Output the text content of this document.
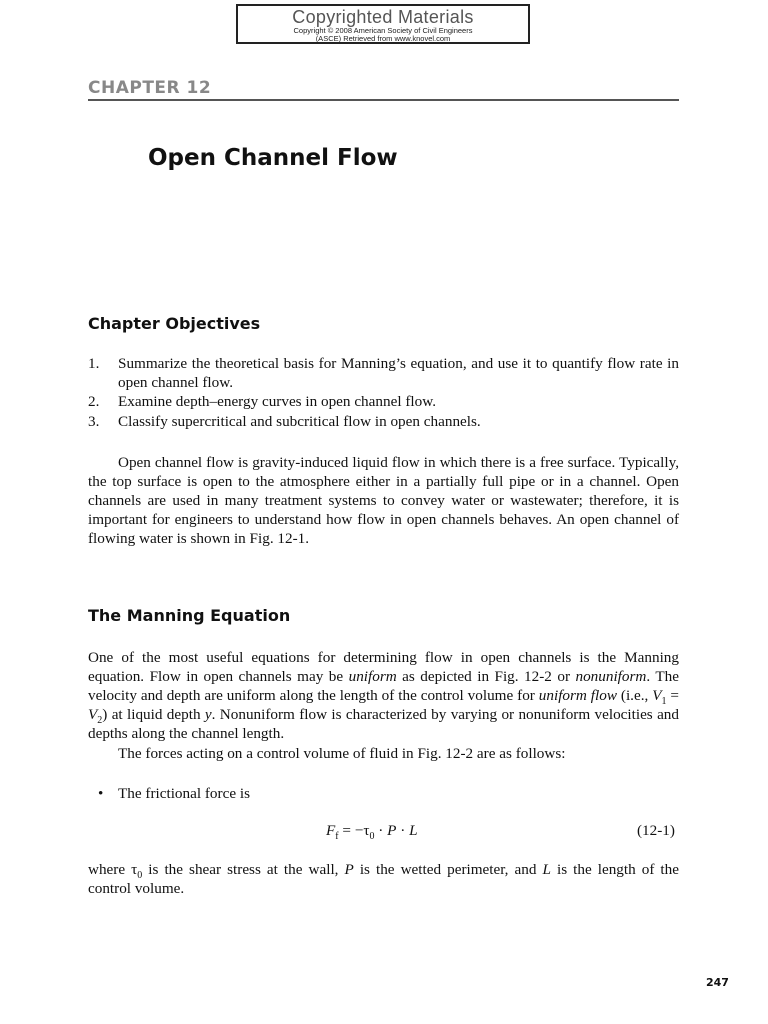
Copyrighted Materials
Copyright © 2008 American Society of Civil Engineers
(ASCE) Retrieved from www.knovel.com
CHAPTER 12
Open Channel Flow
Chapter Objectives
1. Summarize the theoretical basis for Manning’s equation, and use it to quantify flow rate in open channel flow.
2. Examine depth–energy curves in open channel flow.
3. Classify supercritical and subcritical flow in open channels.

Open channel flow is gravity-induced liquid flow in which there is a free surface. Typically, the top surface is open to the atmosphere either in a partially full pipe or in a channel. Open channels are used in many treatment systems to convey water or wastewater; therefore, it is important for engineers to understand how flow in open channels behaves. An open channel of flowing water is shown in Fig. 12-1.

The Manning Equation

One of the most useful equations for determining flow in open channels is the Manning equation. Flow in open channels may be uniform as depicted in Fig. 12-2 or nonuniform. The velocity and depth are uniform along the length of the control volume for uniform flow (i.e., $V_1 = V_2$) at liquid depth y. Nonuniform flow is characterized by varying or nonuniform velocities and depths along the channel length.

The forces acting on a control volume of fluid in Fig. 12-2 are as follows:

• The frictional force is
$F_f = -\tau_0 \cdot P \cdot L$	(12-1)

where $\tau_0$ is the shear stress at the wall, P is the wetted perimeter, and L is the length of the control volume.

247
